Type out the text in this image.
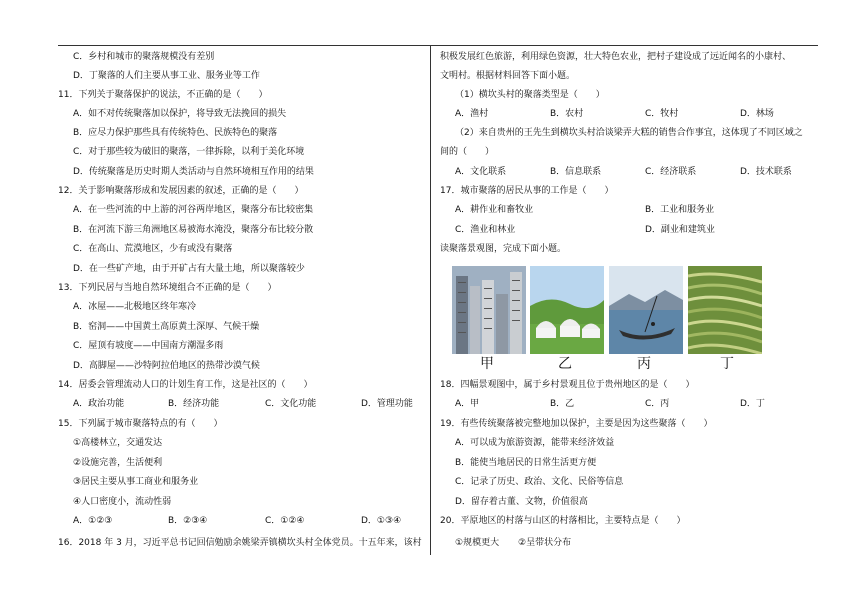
C．乡村和城市的聚落规模没有差别
D．丁聚落的人们主要从事工业、服务业等工作
11．下列关于聚落保护的说法，不正确的是（　　）
A．如不对传统聚落加以保护，将导致无法挽回的损失
B．应尽力保护那些具有传统特色、民族特色的聚落
C．对于那些较为破旧的聚落，一律拆除，以利于美化环境
D．传统聚落是历史时期人类活动与自然环境相互作用的结果
12．关于影响聚落形成和发展因素的叙述，正确的是（　　）
A．在一些河流的中上游的河谷两岸地区，聚落分布比较密集
B．在河流下游三角洲地区易被海水淹没，聚落分布比较分散
C．在高山、荒漠地区，少有或没有聚落
D．在一些矿产地，由于开矿占有大量土地，所以聚落较少
13．下列民居与当地自然环境组合不正确的是（　　）
A．冰屋——北极地区终年寒冷
B．窑洞——中国黄土高原黄土深厚、气候干燥
C．屋顶有坡度——中国南方潮湿多雨
D．高脚屋——沙特阿拉伯地区的热带沙漠气候
14．居委会管理流动人口的计划生育工作，这是社区的（　　）
A．政治功能	B．经济功能	C．文化功能	D．管理功能
15．下列属于城市聚落特点的有（　　）
①高楼林立，交通发达
②设施完善，生活便利
③居民主要从事工商业和服务业
④人口密度小，流动性弱
A．①②③	B．②③④	C．①②④	D．①③④
16．2018 年 3 月，习近平总书记回信勉励余姚梁弄镇横坎头村全体党员。十五年来，该村
积极发展红色旅游，利用绿色资源，壮大特色农业，把村子建设成了远近闻名的小康村、
文明村。根据材料回答下面小题。
（1）横坎头村的聚落类型是（　　）
A．渔村	B．农村	C．牧村	D．林场
（2）来自贵州的王先生到横坎头村洽谈梁弄大糕的销售合作事宜，这体现了不同区域之
间的（　　）
A．文化联系	B．信息联系	C．经济联系	D．技术联系
17．城市聚落的居民从事的工作是（　　）
A．耕作业和畜牧业	B．工业和服务业
C．渔业和林业	D．副业和建筑业
读聚落景观图，完成下面小题。
18．四幅景观图中，属于乡村景观且位于贵州地区的是（　　）
A．甲	B．乙	C．丙	D．丁
19．有些传统聚落被完整地加以保护，主要是因为这些聚落（　　）
A．可以成为旅游资源，能带来经济效益
B．能使当地居民的日常生活更方便
C．记录了历史、政治、文化、民俗等信息
D．留存着古董、文物，价值很高
20．平原地区的村落与山区的村落相比，主要特点是（　　）
①规模更大 ②呈带状分布
甲	乙	丙	丁
